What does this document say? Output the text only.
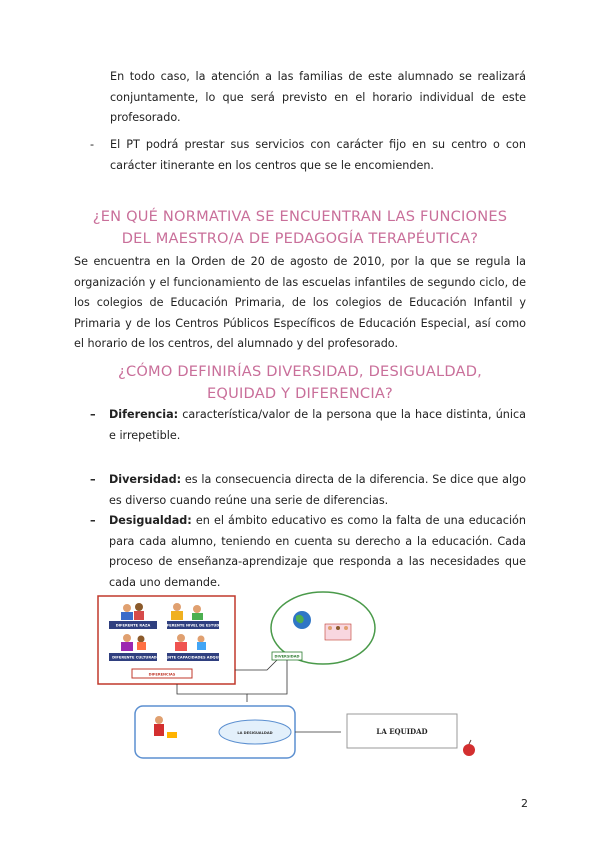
En todo caso, la atención a las familias de este alumnado se realizará conjuntamente, lo que será previsto en el horario individual de este profesorado.
- El PT podrá prestar sus servicios con carácter fijo en su centro o con carácter itinerante en los centros que se le encomienden.
¿EN QUÉ NORMATIVA SE ENCUENTRAN LAS FUNCIONES
DEL MAESTRO/A DE PEDAGOGÍA TERAPÉUTICA?
Se encuentra en la Orden de 20 de agosto de 2010, por la que se regula la organización y el funcionamiento de las escuelas infantiles de segundo ciclo, de los colegios de Educación Primaria, de los colegios de Educación Infantil y Primaria y de los Centros Públicos Específicos de Educación Especial, así como el horario de los centros, del alumnado y del profesorado.
¿CÓMO DEFINIRÍAS DIVERSIDAD, DESIGUALDAD,
EQUIDAD Y DIFERENCIA?
– Diferencia: característica/valor de la persona que la hace distinta, única e irrepetible.
– Diversidad: es la consecuencia directa de la diferencia. Se dice que algo es diverso cuando reúne una serie de diferencias.
– Desigualdad: en el ámbito educativo es como la falta de una educación para cada alumno, teniendo en cuenta su derecho a la educación. Cada proceso de enseñanza-aprendizaje que responda a las necesidades que cada uno demande.
DIFERENTE RAZA	DIFERENTE NIVEL DE ESTUDIO
DIFERENTE CULTURA DIFERENTE CAPACIDADES ADQUIRIDAS
DIFERENCIAS
DIVERSIDAD
LA DESIGUALDAD	LA EQUIDAD
2
